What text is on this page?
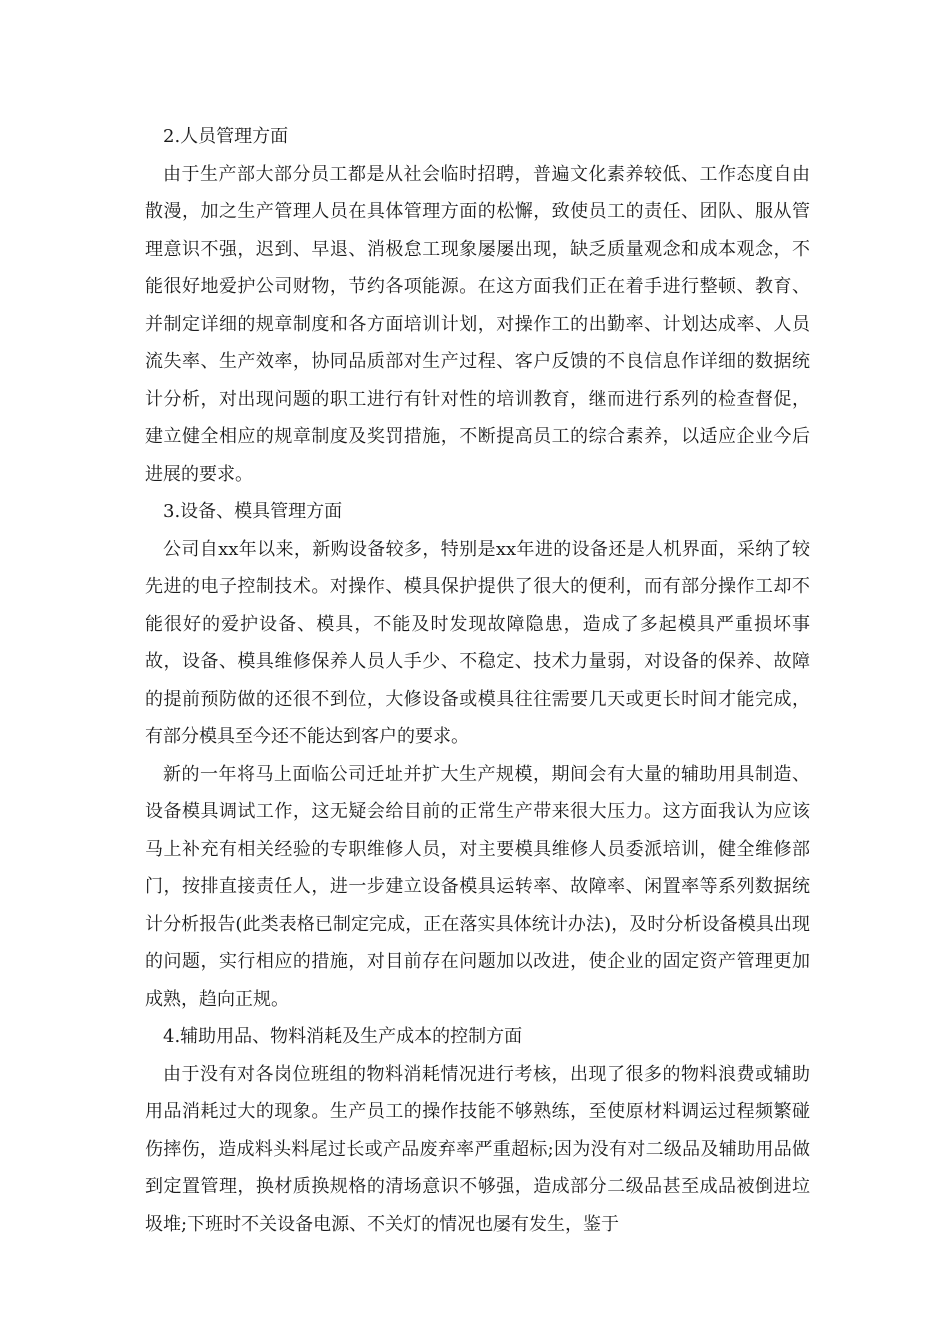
2.人员管理方面

由于生产部大部分员工都是从社会临时招聘，普遍文化素养较低、工作态度自由散漫，加之生产管理人员在具体管理方面的松懈，致使员工的责任、团队、服从管理意识不强，迟到、早退、消极怠工现象屡屡出现，缺乏质量观念和成本观念，不能很好地爱护公司财物，节约各项能源。在这方面我们正在着手进行整顿、教育、并制定详细的规章制度和各方面培训计划，对操作工的出勤率、计划达成率、人员流失率、生产效率，协同品质部对生产过程、客户反馈的不良信息作详细的数据统计分析，对出现问题的职工进行有针对性的培训教育，继而进行系列的检查督促，建立健全相应的规章制度及奖罚措施，不断提高员工的综合素养，以适应企业今后进展的要求。

3.设备、模具管理方面

公司自xx年以来，新购设备较多，特别是xx年进的设备还是人机界面，采纳了较先进的电子控制技术。对操作、模具保护提供了很大的便利，而有部分操作工却不能很好的爱护设备、模具，不能及时发现故障隐患，造成了多起模具严重损坏事故，设备、模具维修保养人员人手少、不稳定、技术力量弱，对设备的保养、故障的提前预防做的还很不到位，大修设备或模具往往需要几天或更长时间才能完成，有部分模具至今还不能达到客户的要求。

新的一年将马上面临公司迁址并扩大生产规模，期间会有大量的辅助用具制造、设备模具调试工作，这无疑会给目前的正常生产带来很大压力。这方面我认为应该马上补充有相关经验的专职维修人员，对主要模具维修人员委派培训，健全维修部门，按排直接责任人，进一步建立设备模具运转率、故障率、闲置率等系列数据统计分析报告(此类表格已制定完成，正在落实具体统计办法)，及时分析设备模具出现的问题，实行相应的措施，对目前存在问题加以改进，使企业的固定资产管理更加成熟，趋向正规。

4.辅助用品、物料消耗及生产成本的控制方面

由于没有对各岗位班组的物料消耗情况进行考核，出现了很多的物料浪费或辅助用品消耗过大的现象。生产员工的操作技能不够熟练，至使原材料调运过程频繁碰伤摔伤，造成料头料尾过长或产品废弃率严重超标;因为没有对二级品及辅助用品做到定置管理，换材质换规格的清场意识不够强，造成部分二级品甚至成品被倒进垃圾堆;下班时不关设备电源、不关灯的情况也屡有发生，鉴于
